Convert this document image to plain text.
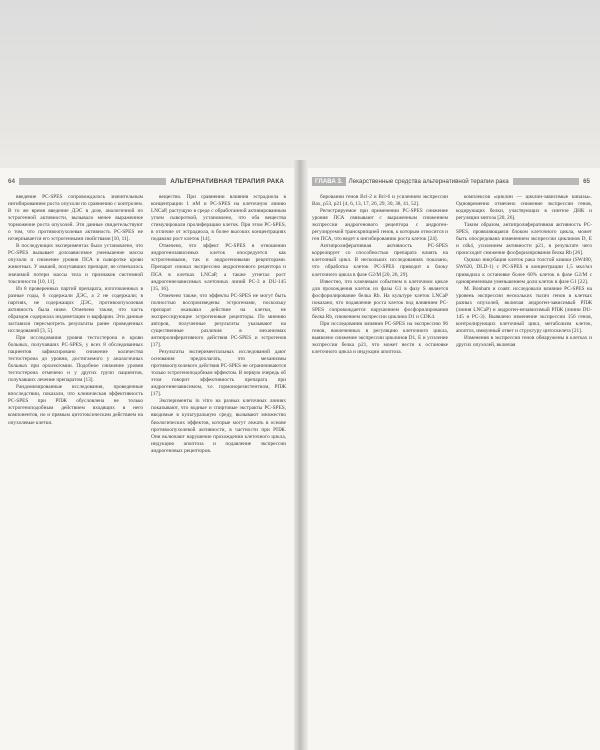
64	АЛЬТЕРНАТИВНАЯ ТЕРАПИЯ РАКА

введение PC-SPES сопровождалось значительным ингибированием роста опухоли по сравнению с контролем. В то же время введение ДЭС в дозе, аналогичной по эстрогенной активности, вызывало менее выраженное торможение роста опухолей. Эти данные свидетельствуют о том, что противоопухолевая активность PC-SPES не исчерпывается его эстрогенными свойствами [10, 11].

В последующих экспериментах было установлено, что PC-SPES вызывает дозозависимое уменьшение массы опухоли и снижение уровня ПСА в сыворотке крови животных. У мышей, получавших препарат, не отмечалось значимой потери массы тела и признаков системной токсичности [10, 11].

Из 8 проверенных партий препарата, изготовленных в разные годы, 6 содержали ДЭС, а 2 не содержали; в партиях, не содержащих ДЭС, противоопухолевая активность была ниже. Отмечено также, что часть образцов содержала индометацин и варфарин. Эти данные заставили пересмотреть результаты ранее проведенных исследований [3, 5].

При исследовании уровня тестостерона в крови больных, получавших PC-SPES, у всех 8 обследованных пациентов зафиксировано снижение количества тестостерона до уровня, достигаемого у аналогичных больных при орхиэктомии. Подобное снижение уровня тестостерона отмечено и у других групп пациентов, получавших лечение препаратом [13].

Рандомизированные исследования, проведенные впоследствии, показали, что клиническая эффективность PC-SPES при РПЖ обусловлена не только эстрогеноподобным действием входящих в него компонентов, но и прямым цитотоксическим действием на опухолевые клетки.

вещество. При сравнении влияния эстрадиола в концентрации 1 нМ и PC-SPES на клеточную линию LNCaP, растущую в среде с обработанной активированным углем сывороткой, установлено, что оба вещества стимулировали пролиферацию клеток. При этом PC-SPES, в отличие от эстрадиола, в более высоких концентрациях подавлял рост клеток [14].

Отмечено, что эффект PC-SPES в отношении андрогенозависимых клеток опосредуется как эстрогеновыми, так и андрогеновыми рецепторами. Препарат снижал экспрессию андрогенового рецептора и ПСА в клетках LNCaP, а также угнетал рост андрогеннезависимых клеточных линий PC-3 и DU-145 [15, 16].

Отмечено также, что эффекты PC-SPES не могут быть полностью воспроизведены эстрогенами, поскольку препарат оказывал действие на клетки, не экспрессирующие эстрогеновые рецепторы. По мнению авторов, полученные результаты указывают на существенные различия в механизмах антипролиферативного действия PC-SPES и эстрогенов [17].

Результаты экспериментальных исследований дают основания предполагать, что механизмы противоопухолевого действия PC-SPES не ограничиваются только эстрогеноподобным эффектом. В первую очередь об этом говорит эффективность препарата при андрогеннезависимом, т.е. гормонорезистентном, РПЖ [17].

Эксперименты in vitro на разных клеточных линиях показывают, что водные и спиртовые экстракты PC-SPES, вводимые в культуральную среду, вызывают множество биологических эффектов, которые могут лежать в основе противоопухолевой активности, в частности при РПЖ. Они включают нарушение прохождения клеточного цикла, индукцию апоптоза и подавление экспрессии андрогеновых рецепторов.

ГЛАВА 3. Лекарственные средства альтернативной терапии рака	65

бировании генов Bcl-2 и Bcl-6 и усилением экспрессии Bax, p53, p21 [4, 6, 13, 17, 26, 29, 30, 38, 41, 52].

Регистрируемое при применении PC-SPES снижение уровня ПСА связывают с выраженным снижением экспрессии андрогенового рецептора с андроген-регулируемой транскрипцией генов, к которым относится и ген ПСА, что ведет к ингибированию роста клеток [24].

Антипролиферативная активность PC-SPES коррелирует со способностью препарата влиять на клеточный цикл. В нескольких исследованиях показано, что обработка клеток PC-SPES приводит к блоку клеточного цикла в фазе G2/M [20, 26, 29].

Известно, что ключевым событием в клеточном цикле для прохождения клеток из фазы G1 в фазу S является фосфорилирование белка Rb. На культуре клеток LNCaP показано, что подавление роста клеток под влиянием PC-SPES сопровождается нарушением фосфорилирования белка Rb, снижением экспрессии циклина D1 и CDK4.

При исследовании влияния PC-SPES на экспрессию 96 генов, вовлеченных в регуляцию клеточного цикла, выявлено снижение экспрессии циклинов D1, E и усиление экспрессии белка p21, что может вести к остановке клеточного цикла и индукции апоптоза.

комплексов «циклин — циклин-зависимые киназы». Одновременно отмечено снижение экспрессии генов, кодирующих белки, участвующих в синтезе ДНК и регуляции митоза [20, 26].

Таким образом, антипролиферативная активность PC-SPES, проявляющаяся блоком клеточного цикла, может быть опосредована изменением экспрессии циклинов D, E и cdk4, усилением активности p21, в результате чего происходит снижение фосфорилирования белка Rb [26].

Однако инкубация клеток рака толстой кишки (SW480, SW620, DLD-1) с PC-SPES в концентрации 1,5 мкл/мл приводила к остановке более 60% клеток в фазе G2/M с одновременным уменьшением доли клеток в фазе G1 [22].

М. Bonham и соавт. исследовали влияние PC-SPES на уровень экспрессии нескольких тысяч генов в клетках разных опухолей, включая андроген-зависимый РПЖ (линия LNCaP) и андроген-независимый РПЖ (линии DU-145 и PC-3). Выявлено изменение экспрессии 156 генов, контролирующих клеточный цикл, метаболизм клеток, апоптоз, иммунный ответ и структуру цитоскелета [21].

Изменения в экспрессии генов обнаружены в клетках и других опухолей, включая
